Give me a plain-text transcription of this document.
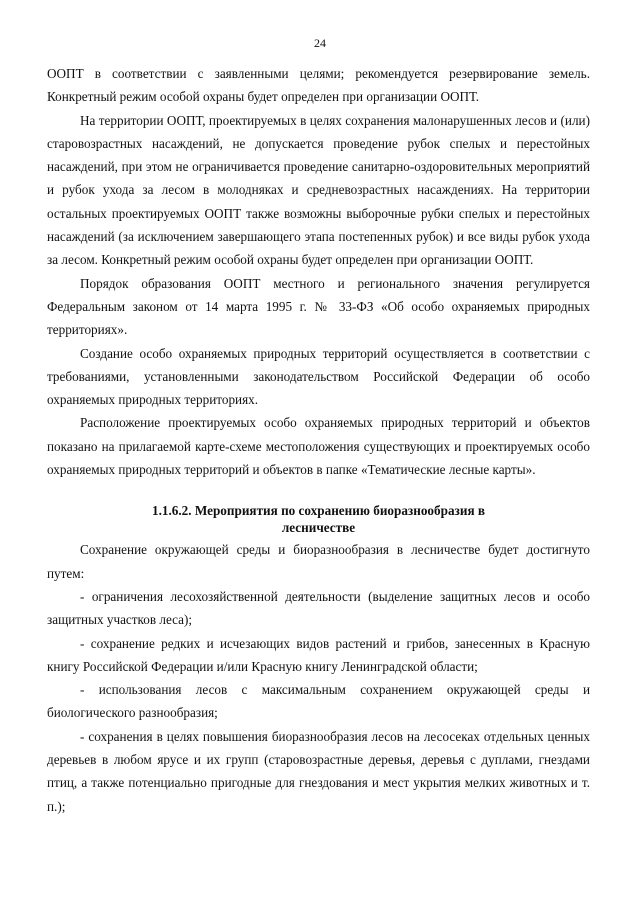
24

ООПТ в соответствии с заявленными целями; рекомендуется резервирование земель. Конкретный режим особой охраны будет определен при организации ООПТ.

На территории ООПТ, проектируемых в целях сохранения малонарушенных лесов и (или) старовозрастных насаждений, не допускается проведение рубок спелых и перестойных насаждений, при этом не ограничивается проведение санитарно-оздоровительных мероприятий и рубок ухода за лесом в молодняках и средневозрастных насаждениях. На территории остальных проектируемых ООПТ также возможны выборочные рубки спелых и перестойных насаждений (за исключением завершающего этапа постепенных рубок) и все виды рубок ухода за лесом. Конкретный режим особой охраны будет определен при организации ООПТ.

Порядок образования ООПТ местного и регионального значения регулируется Федеральным законом от 14 марта 1995 г. № 33-ФЗ «Об особо охраняемых природных территориях».

Создание особо охраняемых природных территорий осуществляется в соответствии с требованиями, установленными законодательством Российской Федерации об особо охраняемых природных территориях.

Расположение проектируемых особо охраняемых природных территорий и объектов показано на прилагаемой карте-схеме местоположения существующих и проектируемых особо охраняемых природных территорий и объектов в папке «Тематические лесные карты».

1.1.6.2. Мероприятия по сохранению биоразнообразия в
лесничестве

Сохранение окружающей среды и биоразнообразия в лесничестве будет достигнуто путем:

- ограничения лесохозяйственной деятельности (выделение защитных лесов и особо защитных участков леса);

- сохранение редких и исчезающих видов растений и грибов, занесенных в Красную книгу Российской Федерации и/или Красную книгу Ленинградской области;

- использования лесов с максимальным сохранением окружающей среды и биологического разнообразия;

- сохранения в целях повышения биоразнообразия лесов на лесосеках отдельных ценных деревьев в любом ярусе и их групп (старовозрастные деревья, деревья с дуплами, гнездами птиц, а также потенциально пригодные для гнездования и мест укрытия мелких животных и т. п.);
